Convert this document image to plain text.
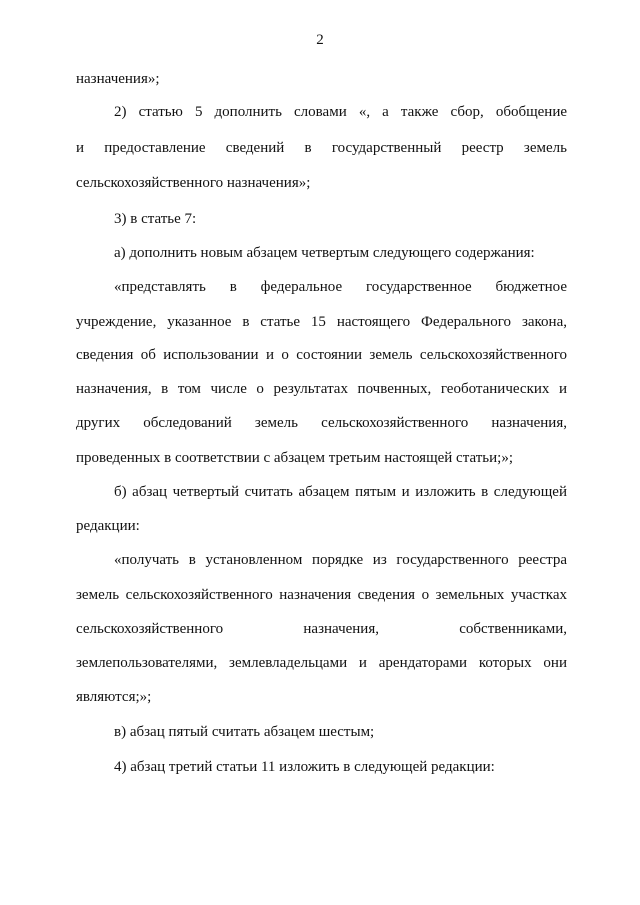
2
назначения»;
2) статью 5 дополнить словами «, а также сбор, обобщение
и предоставление сведений в государственный реестр земель
сельскохозяйственного назначения»;
3) в статье 7:
а) дополнить новым абзацем четвертым следующего содержания:
«представлять в федеральное государственное бюджетное
учреждение, указанное в статье 15 настоящего Федерального закона,
сведения об использовании и о состоянии земель сельскохозяйственного
назначения, в том числе о результатах почвенных, геоботанических и
других обследований земель сельскохозяйственного назначения,
проведенных в соответствии с абзацем третьим настоящей статьи;»;
б) абзац четвертый считать абзацем пятым и изложить в следующей
редакции:
«получать в установленном порядке из государственного реестра
земель сельскохозяйственного назначения сведения о земельных участках
сельскохозяйственного назначения, собственниками,
землепользователями, землевладельцами и арендаторами которых они
являются;»;
в) абзац пятый считать абзацем шестым;
4) абзац третий статьи 11 изложить в следующей редакции:
